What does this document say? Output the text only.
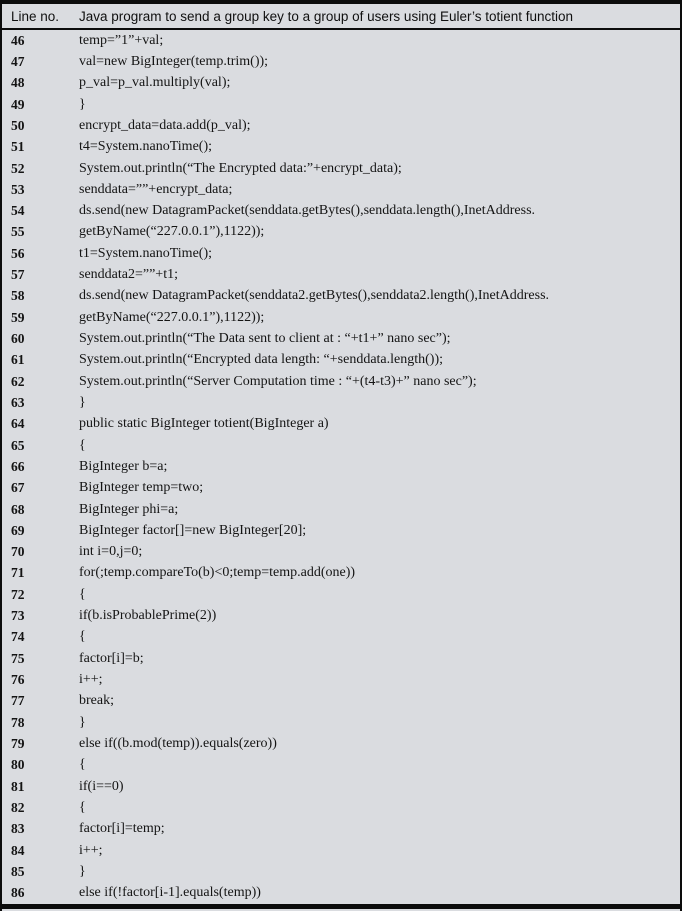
Line no.	Java program to send a group key to a group of users using Euler’s totient function
46	temp=”1”+val;
47	val=new BigInteger(temp.trim());
48	p_val=p_val.multiply(val);
49	}
50	encrypt_data=data.add(p_val);
51	t4=System.nanoTime();
52	System.out.println(“The Encrypted data:”+encrypt_data);
53	senddata=””+encrypt_data;
54	ds.send(new DatagramPacket(senddata.getBytes(),senddata.length(),InetAddress.
55	getByName(“227.0.0.1”),1122));
56	t1=System.nanoTime();
57	senddata2=””+t1;
58	ds.send(new DatagramPacket(senddata2.getBytes(),senddata2.length(),InetAddress.
59	getByName(“227.0.0.1”),1122));
60	System.out.println(“The Data sent to client at : “+t1+” nano sec”);
61	System.out.println(“Encrypted data length: “+senddata.length());
62	System.out.println(“Server Computation time : “+(t4-t3)+” nano sec”);
63	}
64	public static BigInteger totient(BigInteger a)
65	{
66	BigInteger b=a;
67	BigInteger temp=two;
68	BigInteger phi=a;
69	BigInteger factor[]=new BigInteger[20];
70	int i=0,j=0;
71	for(;temp.compareTo(b)<0;temp=temp.add(one))
72	{
73	if(b.isProbablePrime(2))
74	{
75	factor[i]=b;
76	i++;
77	break;
78	}
79	else if((b.mod(temp)).equals(zero))
80	{
81	if(i==0)
82	{
83	factor[i]=temp;
84	i++;
85	}
86	else if(!factor[i-1].equals(temp))
